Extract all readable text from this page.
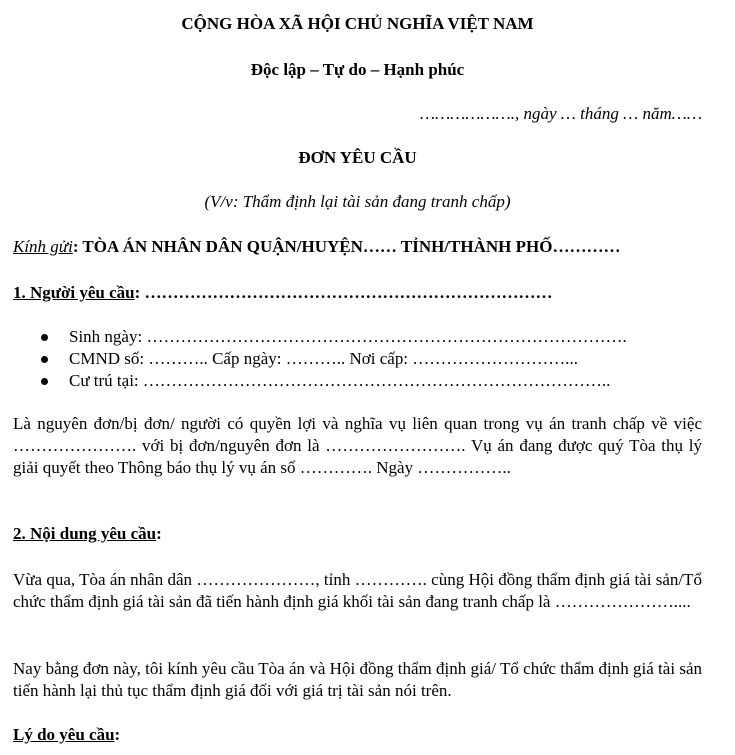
CỘNG HÒA XÃ HỘI CHỦ NGHĨA VIỆT NAM
Độc lập – Tự do – Hạnh phúc
………………., ngày … tháng … năm……
ĐƠN YÊU CẦU
(V/v: Thẩm định lại tài sản đang tranh chấp)
Kính gửi: TÒA ÁN NHÂN DÂN QUẬN/HUYỆN…… TỈNH/THÀNH PHỐ…………
1. Người yêu cầu: ………………………………………………………………
Sinh ngày: ………………………………………………………………………….
CMND số: ……….. Cấp ngày: ……….. Nơi cấp: ………………………...
Cư trú tại: ………………………………………………………………………..
Là nguyên đơn/bị đơn/ người có quyền lợi và nghĩa vụ liên quan trong vụ án tranh chấp về việc …………………. với bị đơn/nguyên đơn là ……………………. Vụ án đang được quý Tòa thụ lý giải quyết theo Thông báo thụ lý vụ án số …………. Ngày ……………..
2. Nội dung yêu cầu:
Vừa qua, Tòa án nhân dân …………………, tỉnh …………. cùng Hội đồng thẩm định giá tài sản/Tổ chức thẩm định giá tài sản đã tiến hành định giá khối tài sản đang tranh chấp là …………………....
Nay bằng đơn này, tôi kính yêu cầu Tòa án và Hội đồng thẩm định giá/ Tổ chức thẩm định giá tài sản tiến hành lại thủ tục thẩm định giá đối với giá trị tài sản nói trên.
Lý do yêu cầu:
